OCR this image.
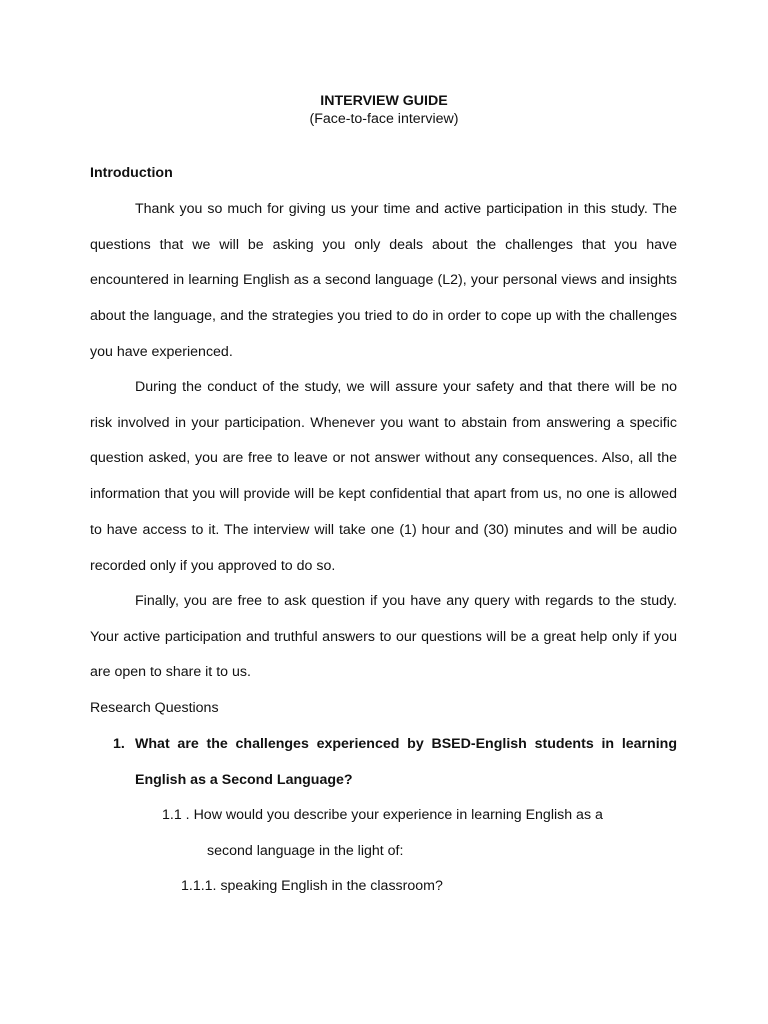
INTERVIEW GUIDE
(Face-to-face interview)
Introduction

Thank you so much for giving us your time and active participation in this study. The questions that we will be asking you only deals about the challenges that you have encountered in learning English as a second language (L2), your personal views and insights about the language, and the strategies you tried to do in order to cope up with the challenges you have experienced.

During the conduct of the study, we will assure your safety and that there will be no risk involved in your participation. Whenever you want to abstain from answering a specific question asked, you are free to leave or not answer without any consequences. Also, all the information that you will provide will be kept confidential that apart from us, no one is allowed to have access to it. The interview will take one (1) hour and (30) minutes and will be audio recorded only if you approved to do so.

Finally, you are free to ask question if you have any query with regards to the study. Your active participation and truthful answers to our questions will be a great help only if you are open to share it to us.

Research Questions
1. What are the challenges experienced by BSED-English students in learning English as a Second Language?
1.1 . How would you describe your experience in learning English as a
second language in the light of:
1.1.1. speaking English in the classroom?
